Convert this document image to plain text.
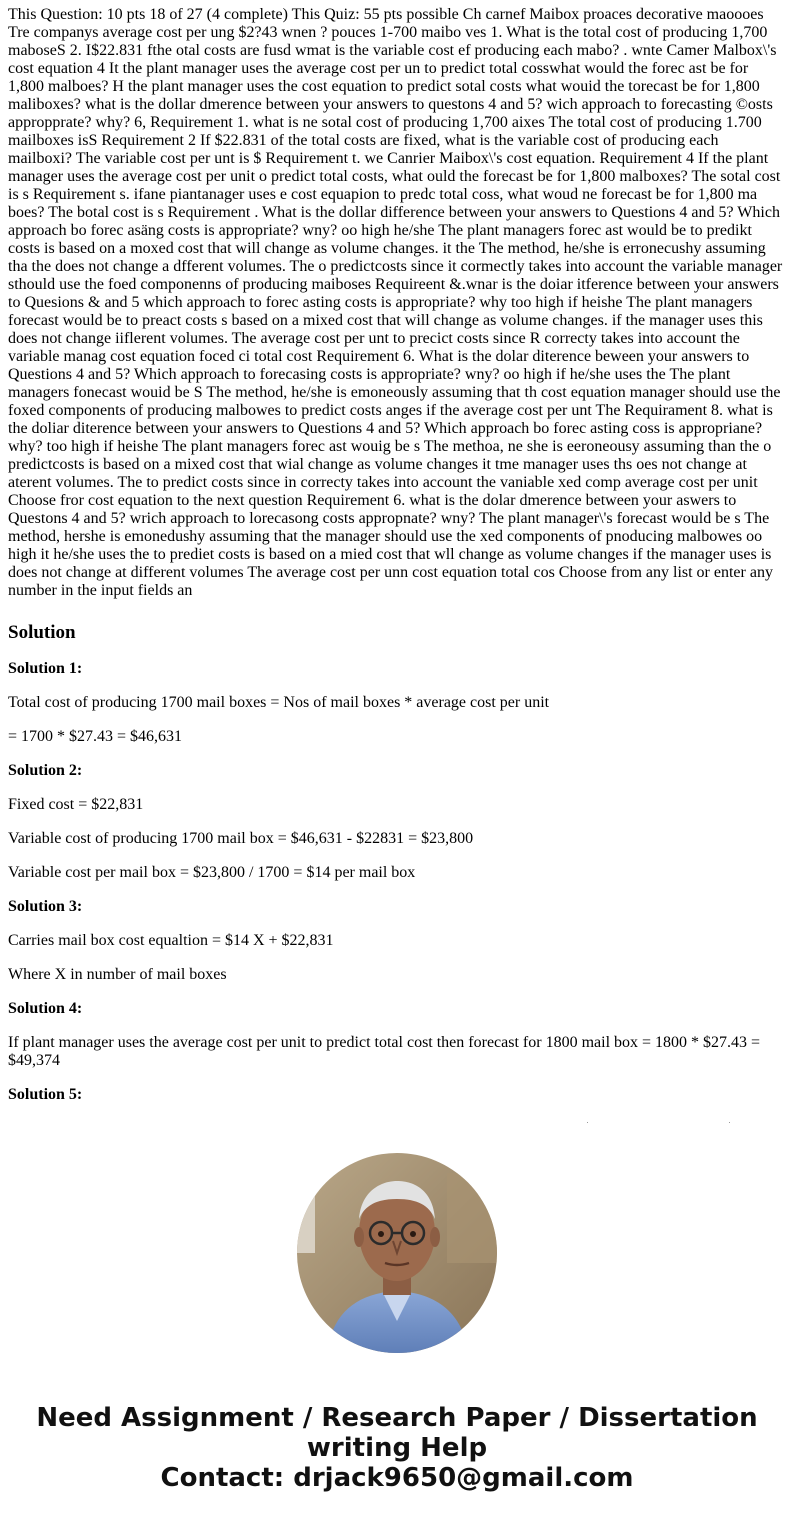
This Question: 10 pts 18 of 27 (4 complete) This Quiz: 55 pts possible Ch carnef Maibox proaces decorative maoooes Tre companys average cost per ung $2?43 wnen ? pouces 1-700 maibo ves 1. What is the total cost of producing 1,700 maboseS 2. I$22.831 fthe otal costs are fusd wmat is the variable cost ef producing each mabo? . wnte Camer Malbox\'s cost equation 4 It the plant manager uses the average cost per un to predict total cosswhat would the forec ast be for 1,800 malboes? H the plant manager uses the cost equation to predict sotal costs what wouid the torecast be for 1,800 maliboxes? what is the dollar dmerence between your answers to questons 4 and 5? wich approach to forecasting ©osts appropprate? why? 6, Requirement 1. what is ne sotal cost of producing 1,700 aixes The total cost of producing 1.700 mailboxes isS Requirement 2 If $22.831 of the total costs are fixed, what is the variable cost of producing each mailboxi? The variable cost per unt is $ Requirement t. we Canrier Maibox\'s cost equation. Requirement 4 If the plant manager uses the average cost per unit o predict total costs, what ould the forecast be for 1,800 malboxes? The sotal cost is s Requirement s. ifane piantanager uses e cost equapion to predc total coss, what woud ne forecast be for 1,800 ma boes? The botal cost is s Requirement . What is the dollar difference between your answers to Questions 4 and 5? Which approach bo forec asäng costs is appropriate? wny? oo high he/she The plant managers forec ast would be to predikt costs is based on a moxed cost that will change as volume changes. it the The method, he/she is erronecushy assuming tha the does not change a dfferent volumes. The o predictcosts since it cormectly takes into account the variable manager sthould use the foed componenns of producing maiboses Requireent &.wnar is the doiar itference between your answers to Quesions & and 5 which approach to forec asting costs is appropriate? why too high if heishe The plant managers forecast would be to preact costs s based on a mixed cost that will change as volume changes. if the manager uses this does not change iiflerent volumes. The average cost per unt to precict costs since R correcty takes into account the variable manag cost equation foced ci total cost Requirement 6. What is the dolar diterence beween your answers to Questions 4 and 5? Which approach to forecasing costs is appropriate? wny? oo high if he/she uses the The plant managers fonecast wouid be S The method, he/she is emoneously assuming that th cost equation manager should use the foxed components of producing malbowes to predict costs anges if the average cost per unt The Requirament 8. what is the doliar diterence between your answers to Questions 4 and 5? Which approach bo forec asting coss is appropriane? why? too high if heishe The plant managers forec ast wouig be s The methoa, ne she is eeroneousy assuming than the o predictcosts is based on a mixed cost that wial change as volume changes it tme manager uses ths oes not change at aterent volumes. The to predict costs since in correcty takes into account the vaniable xed comp average cost per unit Choose fror cost equation to the next question Requirement 6. what is the dolar dmerence between your aswers to Questons 4 and 5? wrich approach to lorecasong costs appropnate? wny? The plant manager\'s forecast would be s The method, hershe is emonedushy assuming that the manager should use the xed components of pnoducing malbowes oo high it he/she uses the to prediet costs is based on a mied cost that wll change as volume changes if the manager uses is does not change at different volumes The average cost per unn cost equation total cos Choose from any list or enter any number in the input fields an

Solution
Solution 1:
Total cost of producing 1700 mail boxes = Nos of mail boxes * average cost per unit
= 1700 * $27.43 = $46,631
Solution 2:
Fixed cost = $22,831
Variable cost of producing 1700 mail box = $46,631 - $22831 = $23,800
Variable cost per mail box = $23,800 / 1700 = $14 per mail box
Solution 3:
Carries mail box cost equaltion = $14 X + $22,831
Where X in number of mail boxes
Solution 4:
If plant manager uses the average cost per unit to predict total cost then forecast for 1800 mail box = 1800 * $27.43 = $49,374
Solution 5:
Need Assignment / Research Paper / Dissertation
writing Help
Contact: drjack9650@gmail.com
